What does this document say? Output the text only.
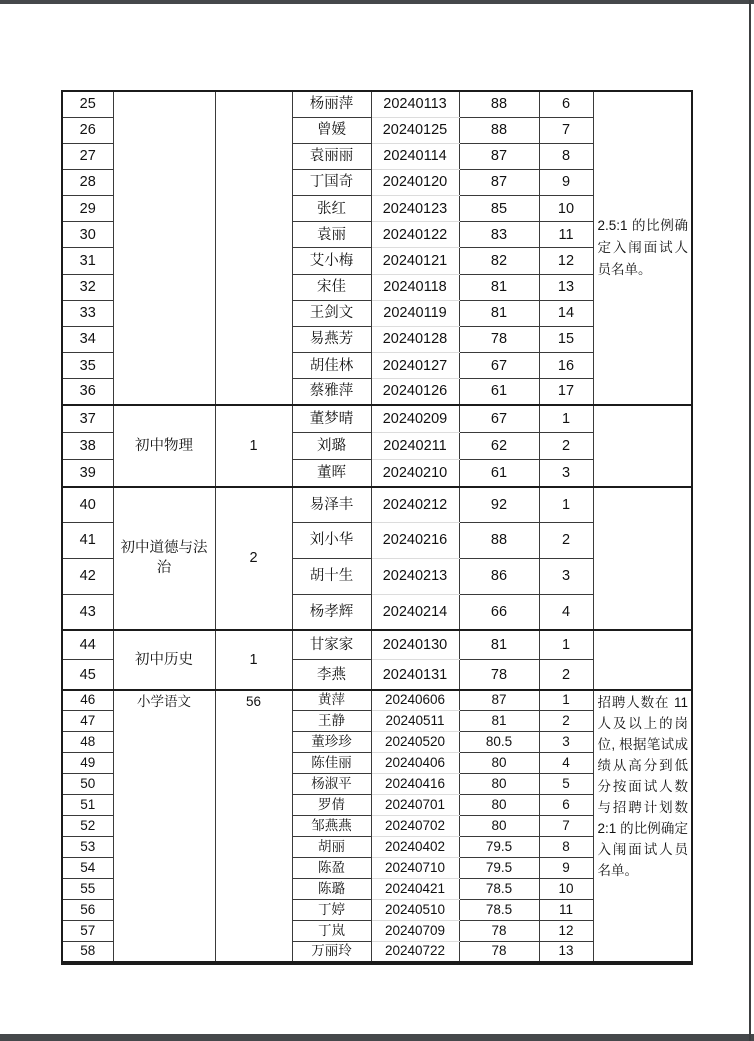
25			杨丽萍	20240113	88	6	2.5:1 的比例确定入闱面试人员名单。
26			曾媛	20240125	88	7	
27			袁丽丽	20240114	87	8	
28			丁国奇	20240120	87	9	
29			张红	20240123	85	10	
30			袁丽	20240122	83	11	
31			艾小梅	20240121	82	12	
32			宋佳	20240118	81	13	
33			王剑文	20240119	81	14	
34			易燕芳	20240128	78	15	
35			胡佳林	20240127	67	16	
36			蔡雅萍	20240126	61	17	
37	初中物理	1	董梦晴	20240209	67	1	
38			刘璐	20240211	62	2	
39			董晖	20240210	61	3	
40	初中道德与法治	2	易泽丰	20240212	92	1	
41			刘小华	20240216	88	2	
42			胡十生	20240213	86	3	
43			杨孝辉	20240214	66	4	
44	初中历史	1	甘家家	20240130	81	1	
45			李燕	20240131	78	2	
46	小学语文	56	黄萍	20240606	87	1	招聘人数在 11 人及以上的岗位, 根据笔试成绩从高分到低分按面试人数与招聘计划数 2:1 的比例确定入闱面试人员名单。
47			王静	20240511	81	2	
48			董珍珍	20240520	80.5	3	
49			陈佳丽	20240406	80	4	
50			杨淑平	20240416	80	5	
51			罗倩	20240701	80	6	
52			邹燕燕	20240702	80	7	
53			胡丽	20240402	79.5	8	
54			陈盈	20240710	79.5	9	
55			陈璐	20240421	78.5	10	
56			丁婷	20240510	78.5	11	
57			丁岚	20240709	78	12	
58			万丽玲	20240722	78	13	
